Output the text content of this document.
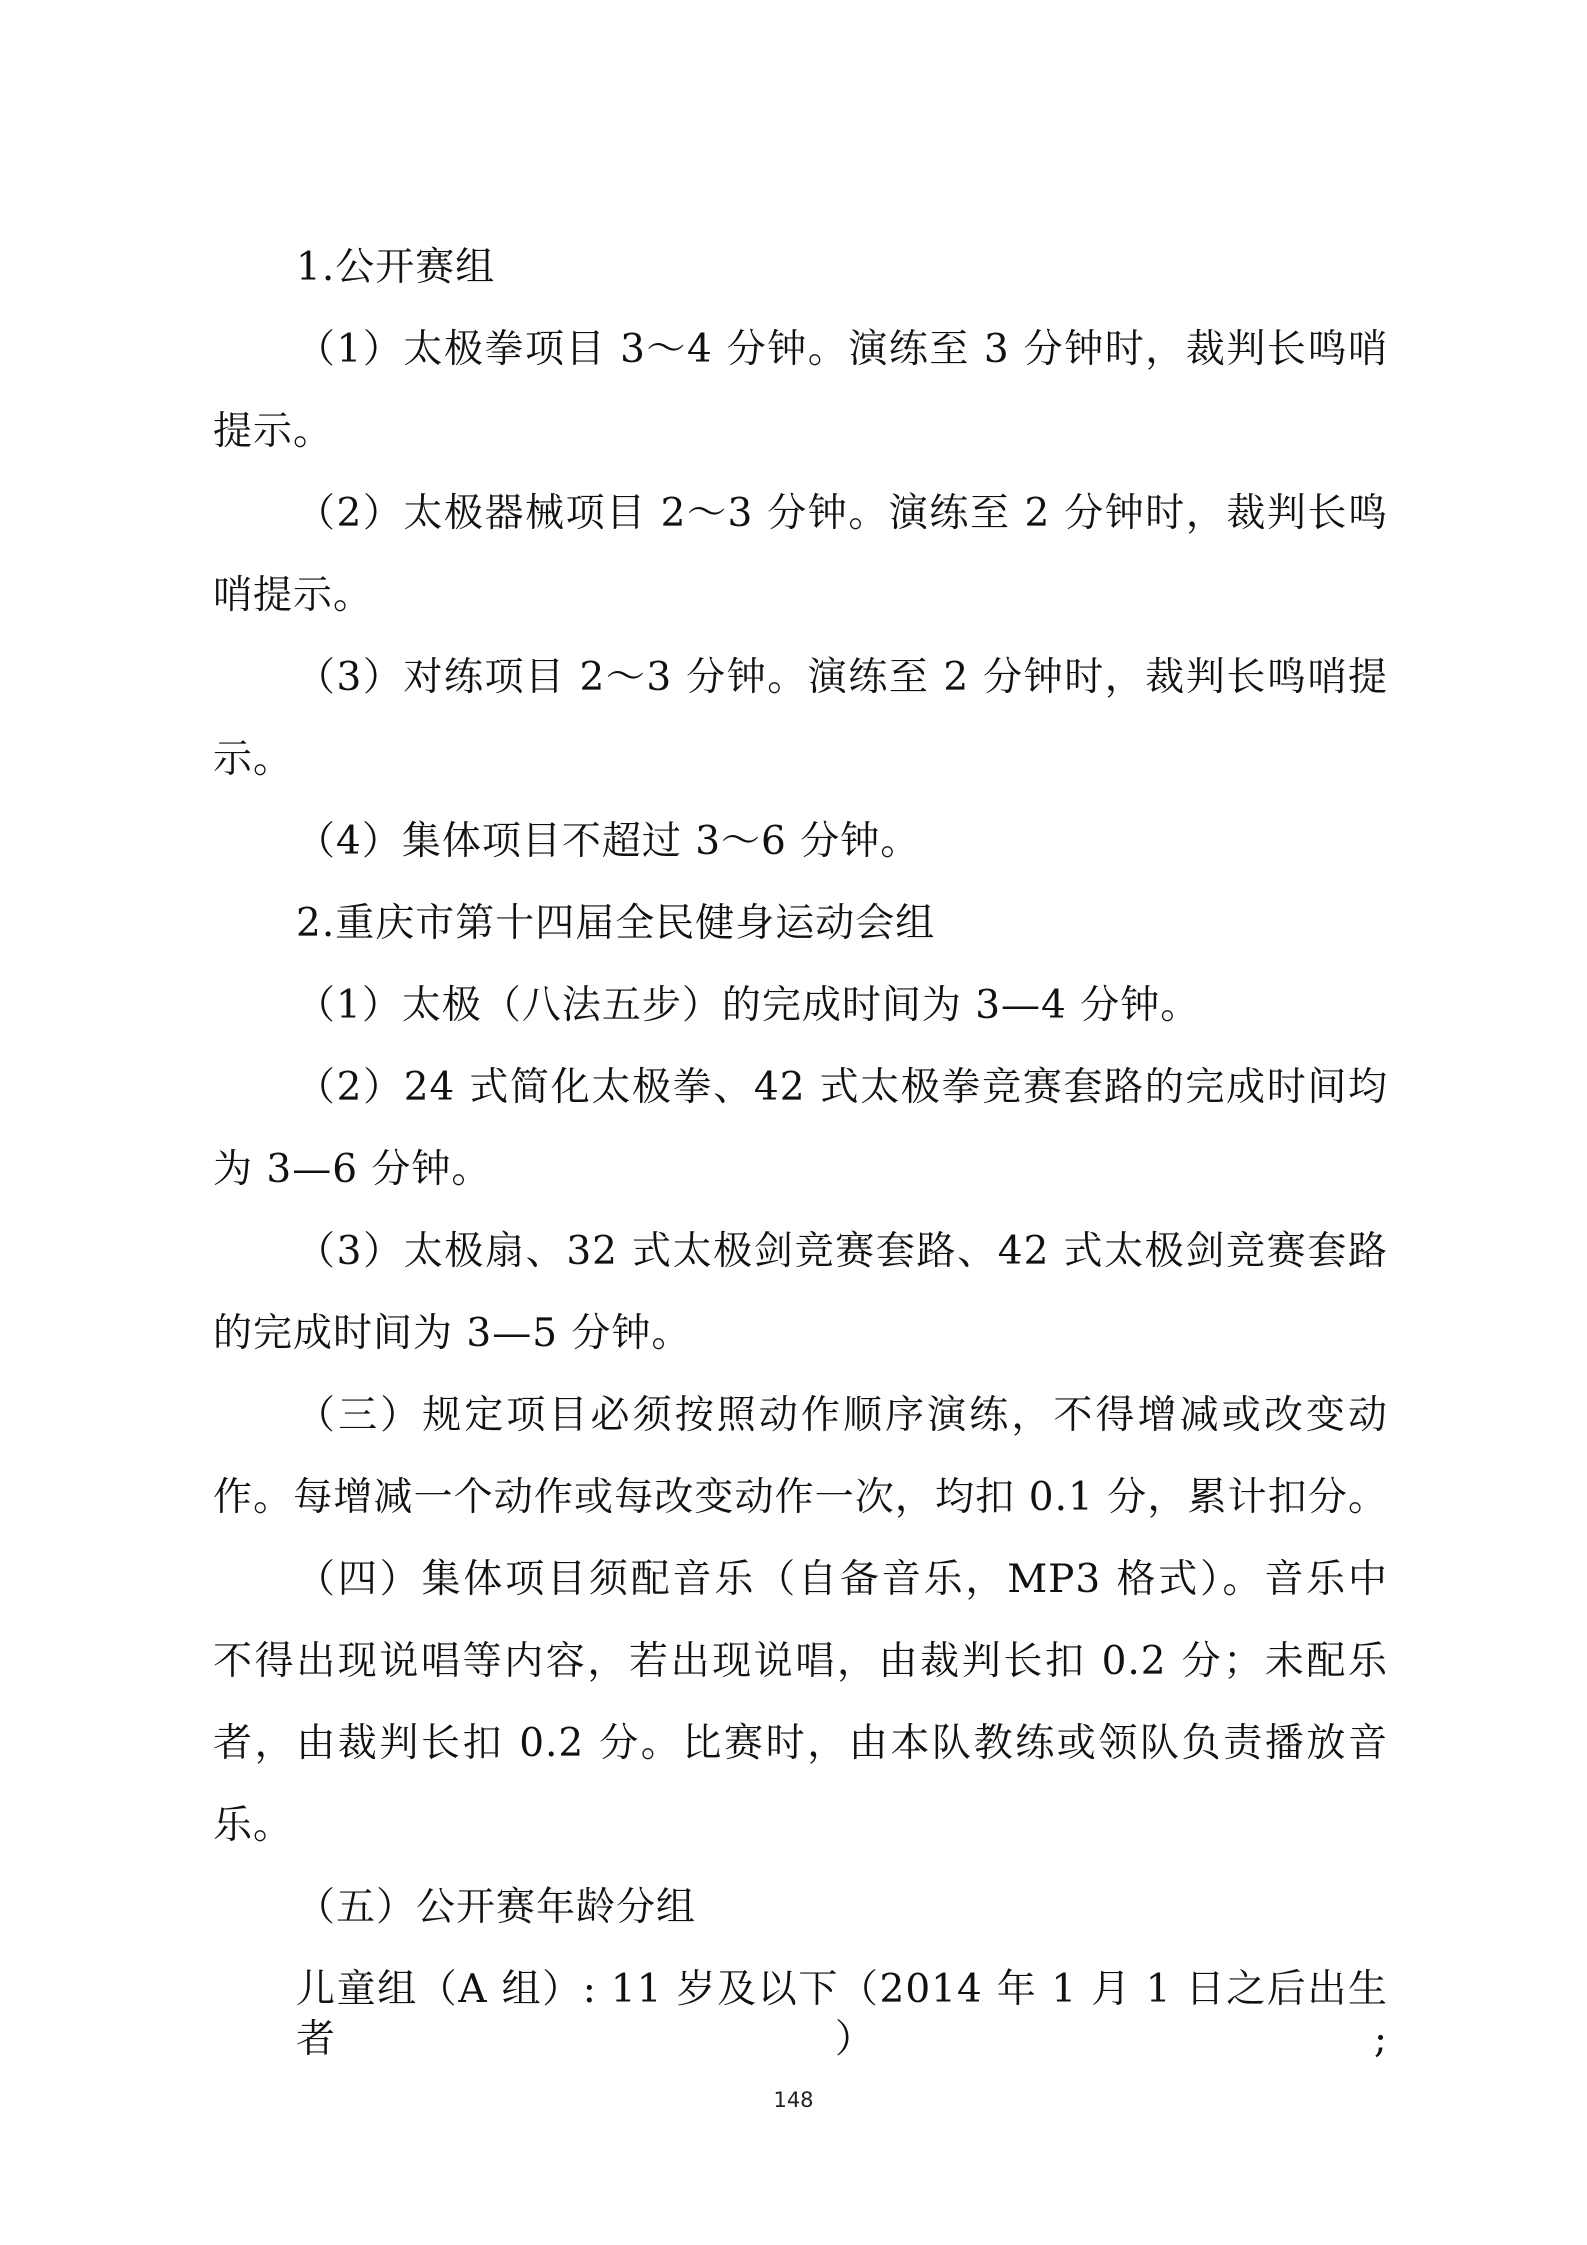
1.公开赛组
（1）太极拳项目 3～4 分钟。演练至 3 分钟时，裁判长鸣哨
提示。
（2）太极器械项目 2～3 分钟。演练至 2 分钟时，裁判长鸣
哨提示。
（3）对练项目 2～3 分钟。演练至 2 分钟时，裁判长鸣哨提
示。
（4）集体项目不超过 3～6 分钟。
2.重庆市第十四届全民健身运动会组
（1）太极（八法五步）的完成时间为 3—4 分钟。
（2）24 式简化太极拳、42 式太极拳竞赛套路的完成时间均
为 3—6 分钟。
（3）太极扇、32 式太极剑竞赛套路、42 式太极剑竞赛套路
的完成时间为 3—5 分钟。
（三）规定项目必须按照动作顺序演练，不得增减或改变动
作。每增减一个动作或每改变动作一次，均扣 0.1 分，累计扣分。
（四）集体项目须配音乐（自备音乐，MP3 格式）。音乐中
不得出现说唱等内容，若出现说唱，由裁判长扣 0.2 分；未配乐
者，由裁判长扣 0.2 分。比赛时，由本队教练或领队负责播放音
乐。
（五）公开赛年龄分组
儿童组（A 组）: 11 岁及以下（2014 年 1 月 1 日之后出生者）;
148
